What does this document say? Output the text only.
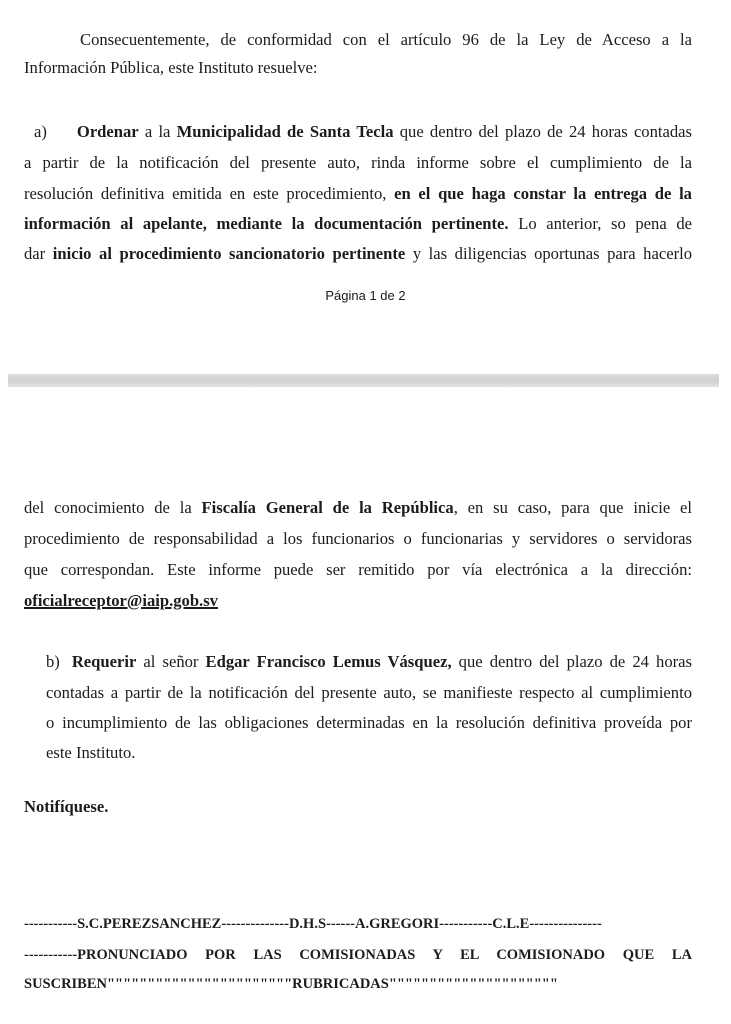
Consecuentemente, de conformidad con el artículo 96 de la Ley de Acceso a la
Información Pública, este Instituto resuelve:
a) Ordenar a la Municipalidad de Santa Tecla que dentro del plazo de 24 horas contadas
a partir de la notificación del presente auto, rinda informe sobre el cumplimiento de la
resolución definitiva emitida en este procedimiento, en el que haga constar la entrega de la
información al apelante, mediante la documentación pertinente. Lo anterior, so pena de
dar inicio al procedimiento sancionatorio pertinente y las diligencias oportunas para hacerlo
Página 1 de 2
del conocimiento de la Fiscalía General de la República, en su caso, para que inicie el
procedimiento de responsabilidad a los funcionarios o funcionarias y servidores o servidoras
que correspondan. Este informe puede ser remitido por vía electrónica a la dirección:
oficialreceptor@iaip.gob.sv
b) Requerir al señor Edgar Francisco Lemus Vásquez, que dentro del plazo de 24 horas
contadas a partir de la notificación del presente auto, se manifieste respecto al cumplimiento
o incumplimiento de las obligaciones determinadas en la resolución definitiva proveída por
este Instituto.
Notifíquese.
-----------S.C.PEREZSANCHEZ--------------D.H.S------A.GREGORI-----------C.L.E---------------
-----------PRONUNCIADO POR LAS COMISIONADAS Y EL COMISIONADO QUE LA
SUSCRIBEN"""""""""""""""""""""""RUBRICADAS"""""""""""""""""""""
